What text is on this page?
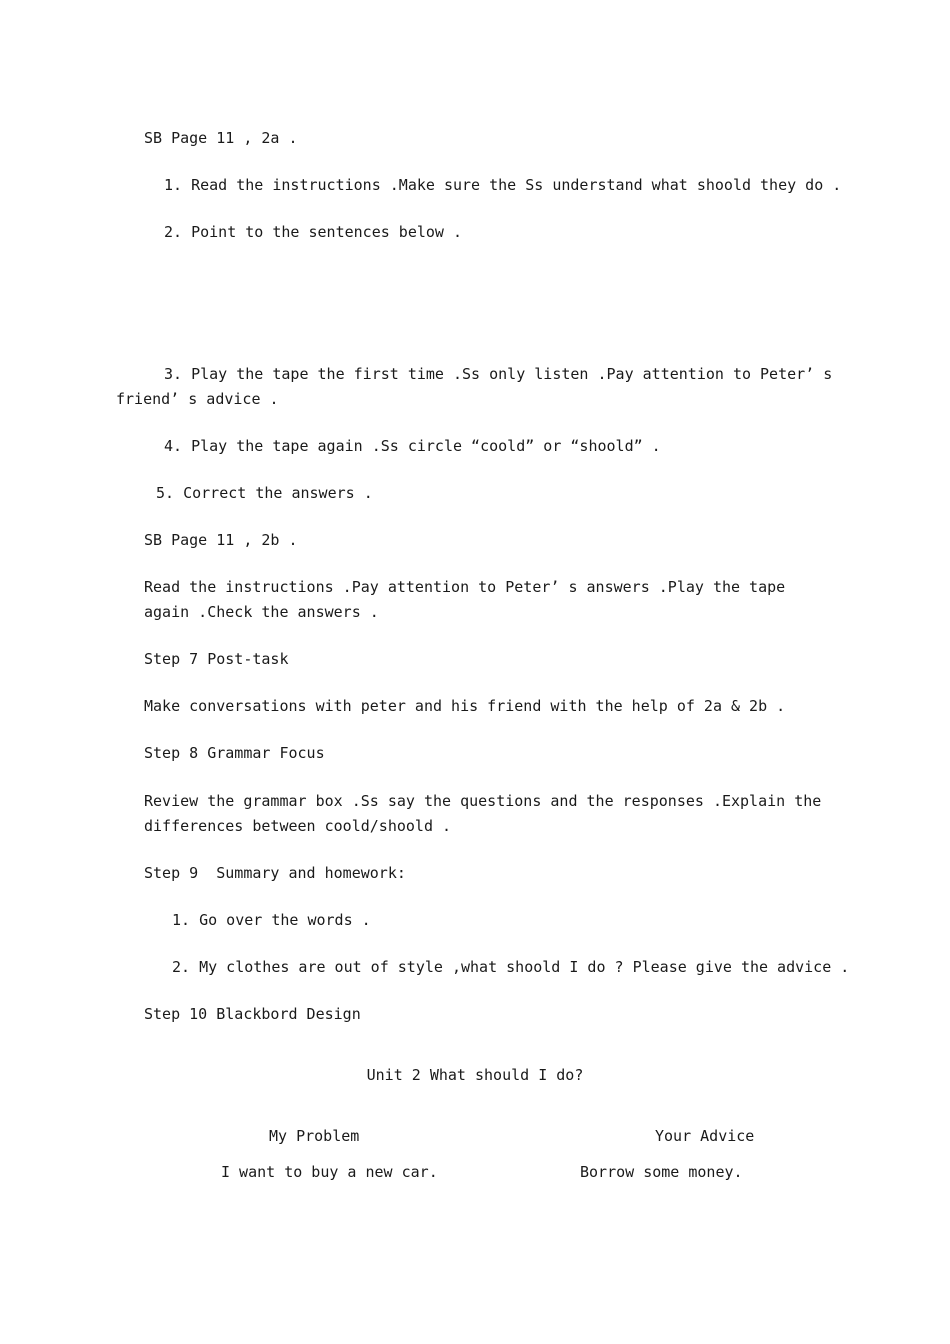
SB Page 11 , 2a .
1. Read the instructions .Make sure the Ss understand what shoold they do .
2. Point to the sentences below .
3. Play the tape the first time .Ss only listen .Pay attention to Peter’ s
friend’ s advice .
4. Play the tape again .Ss circle “coold” or “shoold” .
5. Correct the answers .
SB Page 11 , 2b .
Read the instructions .Pay attention to Peter’ s answers .Play the tape
again .Check the answers .
Step 7 Post-task
Make conversations with peter and his friend with the help of 2a & 2b .
Step 8 Grammar Focus
Review the grammar box .Ss say the questions and the responses .Explain the
differences between coold/shoold .
Step 9  Summary and homework:
1. Go over the words .
2. My clothes are out of style ,what shoold I do ? Please give the advice .
Step 10 Blackbord Design
Unit 2 What should I do?
My Problem	Your Advice
I want to buy a new car.	Borrow some money.
